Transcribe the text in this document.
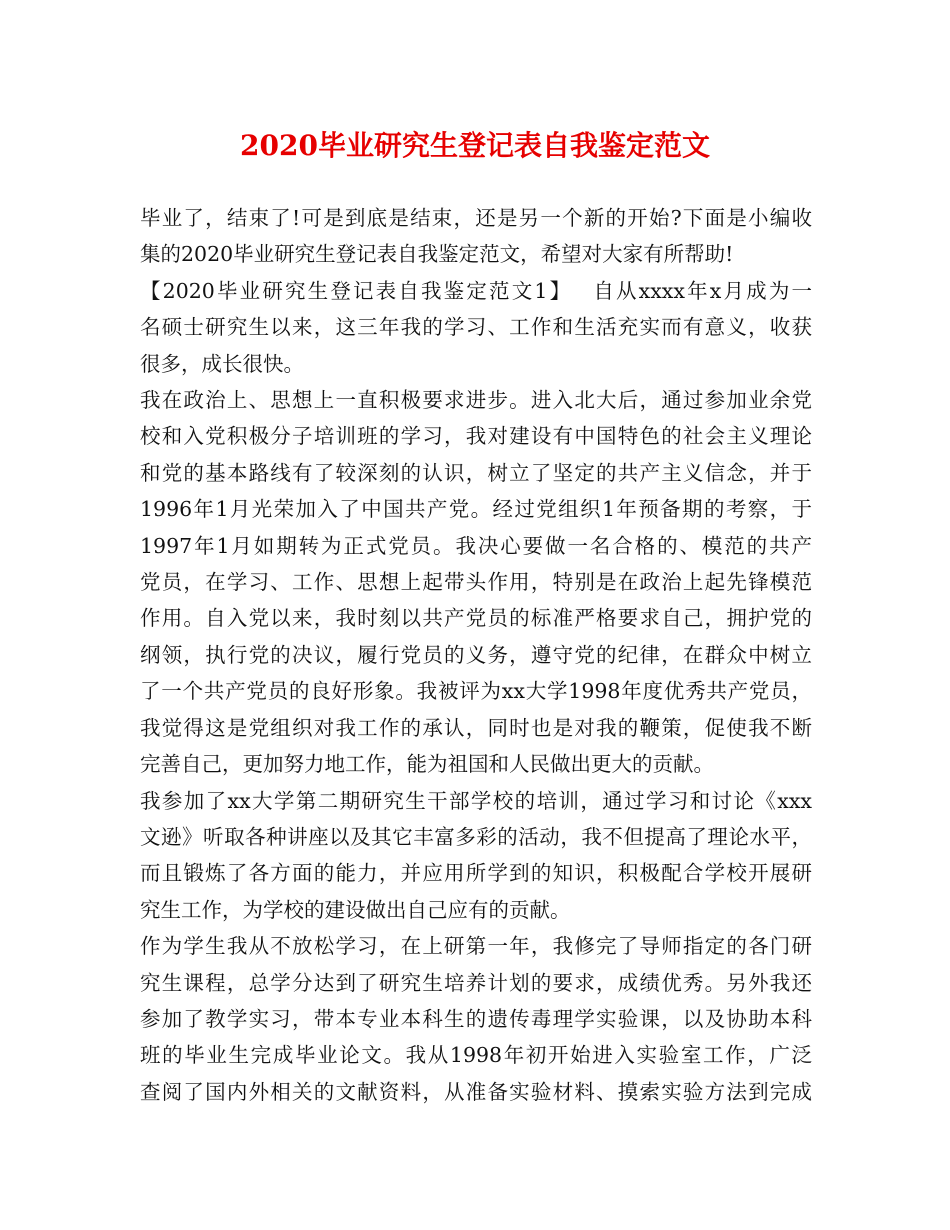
2020毕业研究生登记表自我鉴定范文
毕业了，结束了!可是到底是结束，还是另一个新的开始?下面是小编收
集的2020毕业研究生登记表自我鉴定范文，希望对大家有所帮助!
【2020毕业研究生登记表自我鉴定范文1】　 自从xxxx年x月成为一
名硕士研究生以来，这三年我的学习、工作和生活充实而有意义，收获
很多，成长很快。
我在政治上、思想上一直积极要求进步。进入北大后，通过参加业余党
校和入党积极分子培训班的学习，我对建设有中国特色的社会主义理论
和党的基本路线有了较深刻的认识，树立了坚定的共产主义信念，并于
1996年1月光荣加入了中国共产党。经过党组织1年预备期的考察，于
1997年1月如期转为正式党员。我决心要做一名合格的、模范的共产
党员，在学习、工作、思想上起带头作用，特别是在政治上起先锋模范
作用。自入党以来，我时刻以共产党员的标准严格要求自己，拥护党的
纲领，执行党的决议，履行党员的义务，遵守党的纪律，在群众中树立
了一个共产党员的良好形象。我被评为xx大学1998年度优秀共产党员，
我觉得这是党组织对我工作的承认，同时也是对我的鞭策，促使我不断
完善自己，更加努力地工作，能为祖国和人民做出更大的贡献。
我参加了xx大学第二期研究生干部学校的培训，通过学习和讨论《xxx
文逊》听取各种讲座以及其它丰富多彩的活动，我不但提高了理论水平，
而且锻炼了各方面的能力，并应用所学到的知识，积极配合学校开展研
究生工作，为学校的建设做出自己应有的贡献。
作为学生我从不放松学习，在上研第一年，我修完了导师指定的各门研
究生课程，总学分达到了研究生培养计划的要求，成绩优秀。另外我还
参加了教学实习，带本专业本科生的遗传毒理学实验课，以及协助本科
班的毕业生完成毕业论文。我从1998年初开始进入实验室工作，广泛
查阅了国内外相关的文献资料，从准备实验材料、摸索实验方法到完成
